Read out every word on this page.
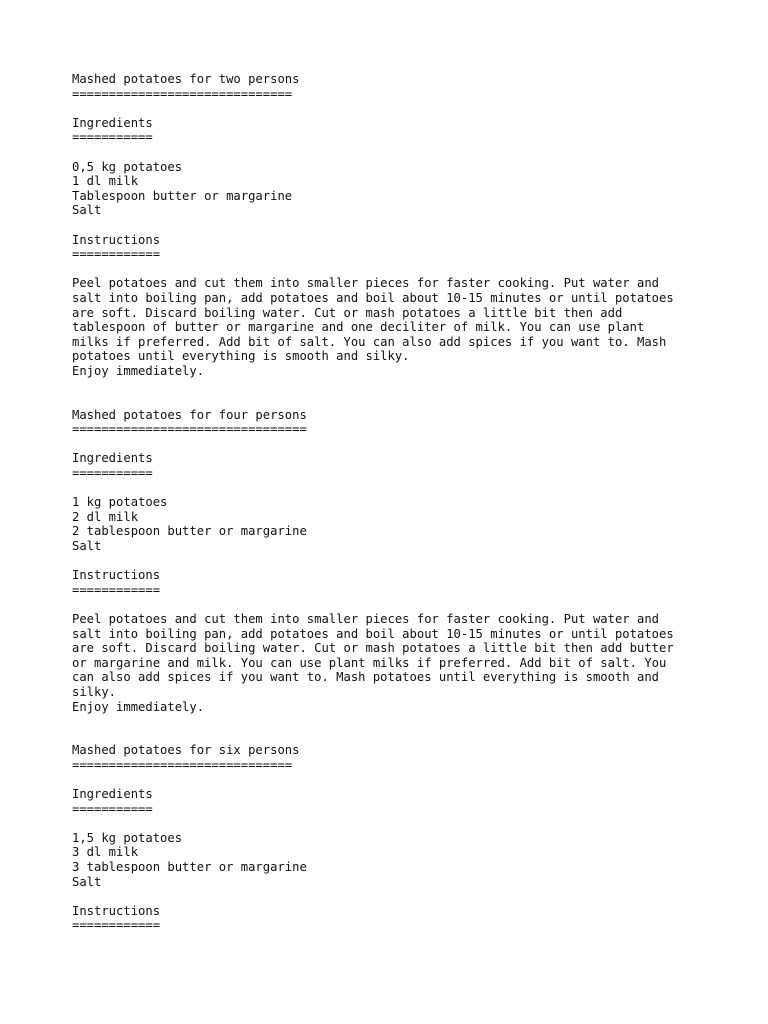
Mashed potatoes for two persons
==============================
Ingredients
===========
0,5 kg potatoes
1 dl milk
Tablespoon butter or margarine
Salt
Instructions
============
Peel potatoes and cut them into smaller pieces for faster cooking. Put water and
salt into boiling pan, add potatoes and boil about 10-15 minutes or until potatoes
are soft. Discard boiling water. Cut or mash potatoes a little bit then add
tablespoon of butter or margarine and one deciliter of milk. You can use plant
milks if preferred. Add bit of salt. You can also add spices if you want to. Mash
potatoes until everything is smooth and silky.
Enjoy immediately.
Mashed potatoes for four persons
================================
Ingredients
===========
1 kg potatoes
2 dl milk
2 tablespoon butter or margarine
Salt
Instructions
============
Peel potatoes and cut them into smaller pieces for faster cooking. Put water and
salt into boiling pan, add potatoes and boil about 10-15 minutes or until potatoes
are soft. Discard boiling water. Cut or mash potatoes a little bit then add butter
or margarine and milk. You can use plant milks if preferred. Add bit of salt. You
can also add spices if you want to. Mash potatoes until everything is smooth and
silky.
Enjoy immediately.
Mashed potatoes for six persons
==============================
Ingredients
===========
1,5 kg potatoes
3 dl milk
3 tablespoon butter or margarine
Salt
Instructions
============
